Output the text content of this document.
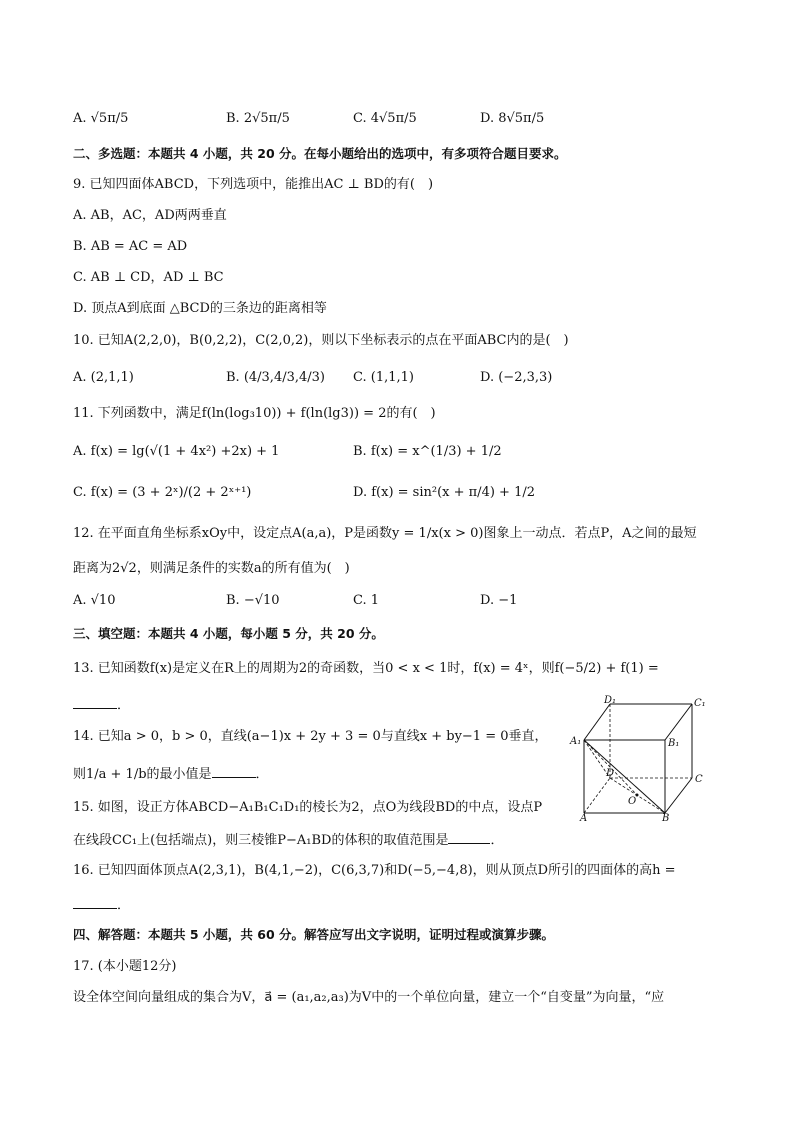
A. √5π/5	B. 2√5π/5	C. 4√5π/5	D. 8√5π/5
二、多选题：本题共 4 小题，共 20 分。在每小题给出的选项中，有多项符合题目要求。
9. 已知四面体ABCD，下列选项中，能推出AC ⊥ BD的有(　)
A. AB，AC，AD两两垂直
B. AB = AC = AD
C. AB ⊥ CD，AD ⊥ BC
D. 顶点A到底面 △BCD的三条边的距离相等
10. 已知A(2,2,0)，B(0,2,2)，C(2,0,2)，则以下坐标表示的点在平面ABC内的是(　)
A. (2,1,1)	B. (4/3,4/3,4/3) C. (1,1,1)	D. (−2,3,3)
11. 下列函数中，满足f(ln(log₃10)) + f(ln(lg3)) = 2的有(　)
A. f(x) = lg(√(1 + 4x²) +2x) + 1	B. f(x) = x^(1/3) + 1/2
C. f(x) = (3 + 2ˣ)/(2 + 2ˣ⁺¹)	D. f(x) = sin²(x + π/4) + 1/2
12. 在平面直角坐标系xOy中，设定点A(a,a)，P是函数y = 1/x(x > 0)图象上一动点．若点P，A之间的最短
距离为2√2，则满足条件的实数a的所有值为(　)
A. √10	B. −√10	C. 1	D. −1
三、填空题：本题共 4 小题，每小题 5 分，共 20 分。
13. 已知函数f(x)是定义在R上的周期为2的奇函数，当0 < x < 1时，f(x) = 4ˣ，则f(−5/2) + f(1) =
．
14. 已知a > 0，b > 0，直线(a−1)x + 2y + 3 = 0与直线x + by−1 = 0垂直，
则1/a + 1/b的最小值是	．
15. 如图，设正方体ABCD−A₁B₁C₁D₁的棱长为2，点O为线段BD的中点，设点P
在线段CC₁上(包括端点)，则三棱锥P−A₁BD的体积的取值范围是	．
16. 已知四面体顶点A(2,3,1)，B(4,1,−2)，C(6,3,7)和D(−5,−4,8)，则从顶点D所引的四面体的高h =
．
四、解答题：本题共 5 小题，共 60 分。解答应写出文字说明，证明过程或演算步骤。
17. (本小题12分)
设全体空间向量组成的集合为V，a⃗ = (a₁,a₂,a₃)为V中的一个单位向量，建立一个“自变量”为向量，“应
D₁	C₁
A₁	B₁
D
C
O
A	B
